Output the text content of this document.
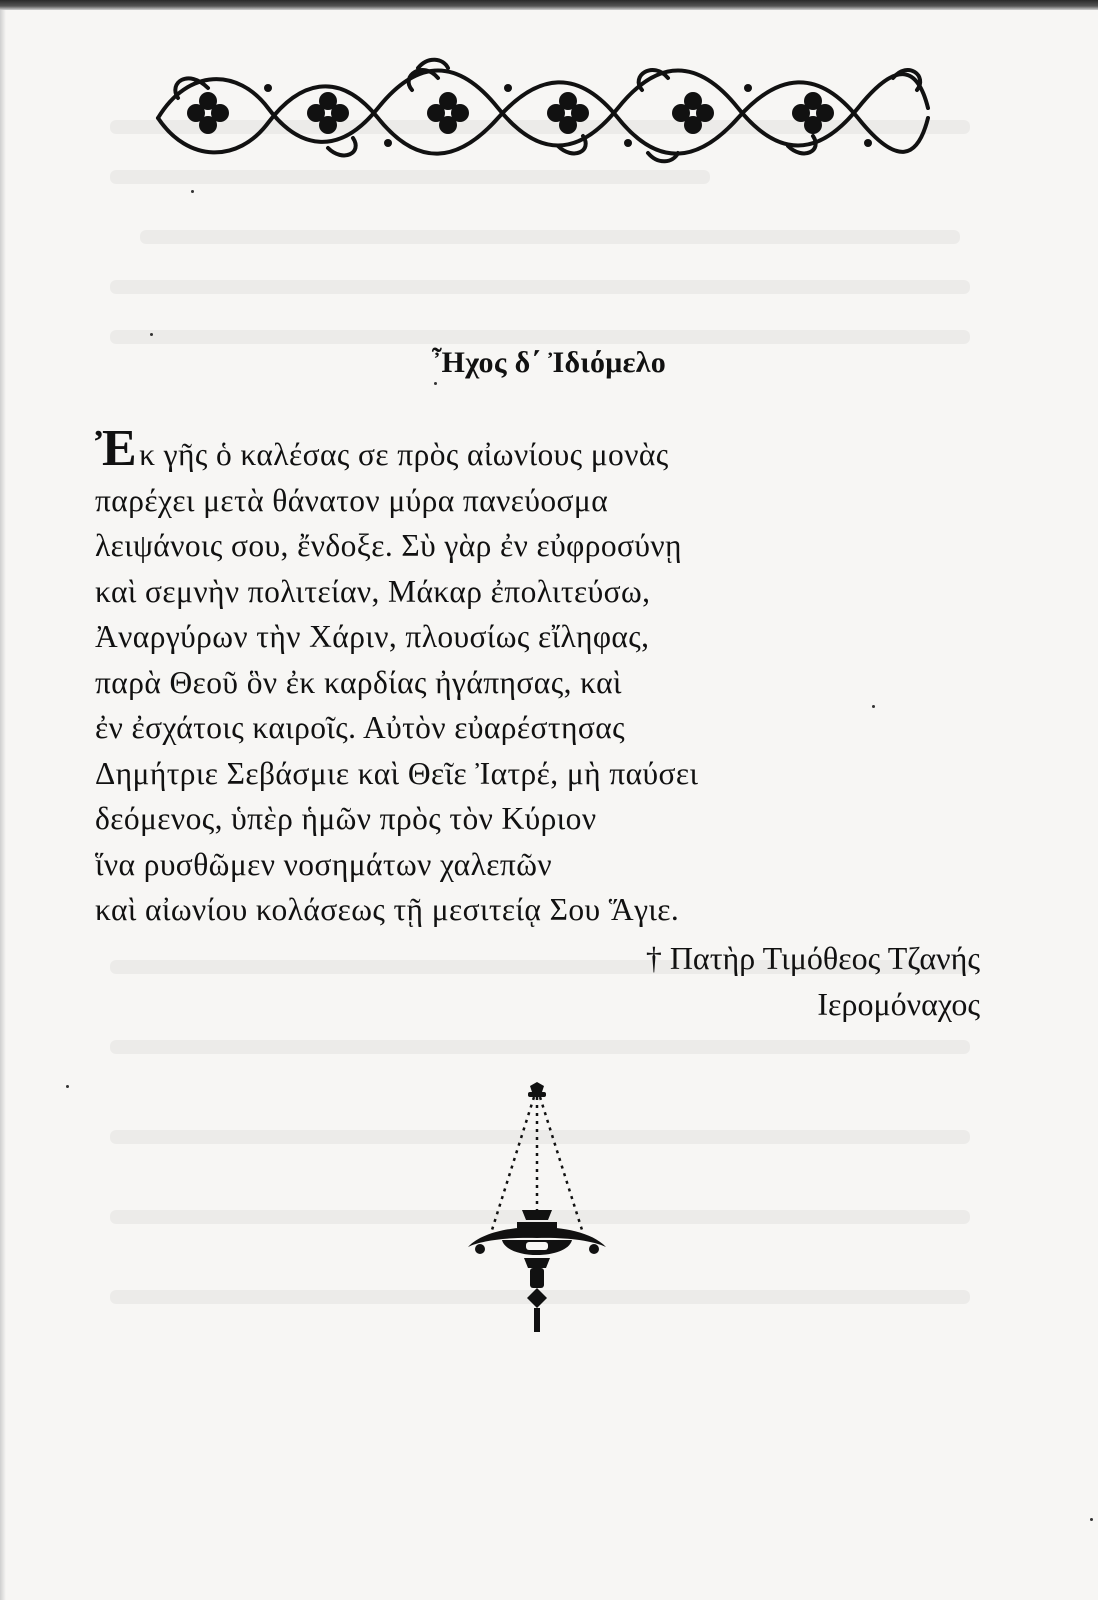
Ἦχος δ΄ Ἰδιόμελο
Ἐκ γῆς ὁ καλέσας σε πρὸς αἰωνίους μονὰς
παρέχει μετὰ θάνατον μύρα πανεύοσμα
λειψάνοις σου, ἔνδοξε. Σὺ γὰρ ἐν εὐφροσύνῃ
καὶ σεμνὴν πολιτείαν, Μάκαρ ἐπολιτεύσω,
Ἀναργύρων τὴν Χάριν, πλουσίως εἴληφας,
παρὰ Θεοῦ ὃν ἐκ καρδίας ἠγάπησας, καὶ
ἐν ἐσχάτοις καιροῖς. Αὐτὸν εὐαρέστησας
Δημήτριε Σεβάσμιε καὶ Θεῖε Ἰατρέ, μὴ παύσει
δεόμενος, ὑπὲρ ἡμῶν πρὸς τὸν Κύριον
ἵνα ρυσθῶμεν νοσημάτων χαλεπῶν
καὶ αἰωνίου κολάσεως τῇ μεσιτείᾳ Σου Ἅγιε.
† Πατὴρ Τιμόθεος Τζανής
Ιερομόναχος
